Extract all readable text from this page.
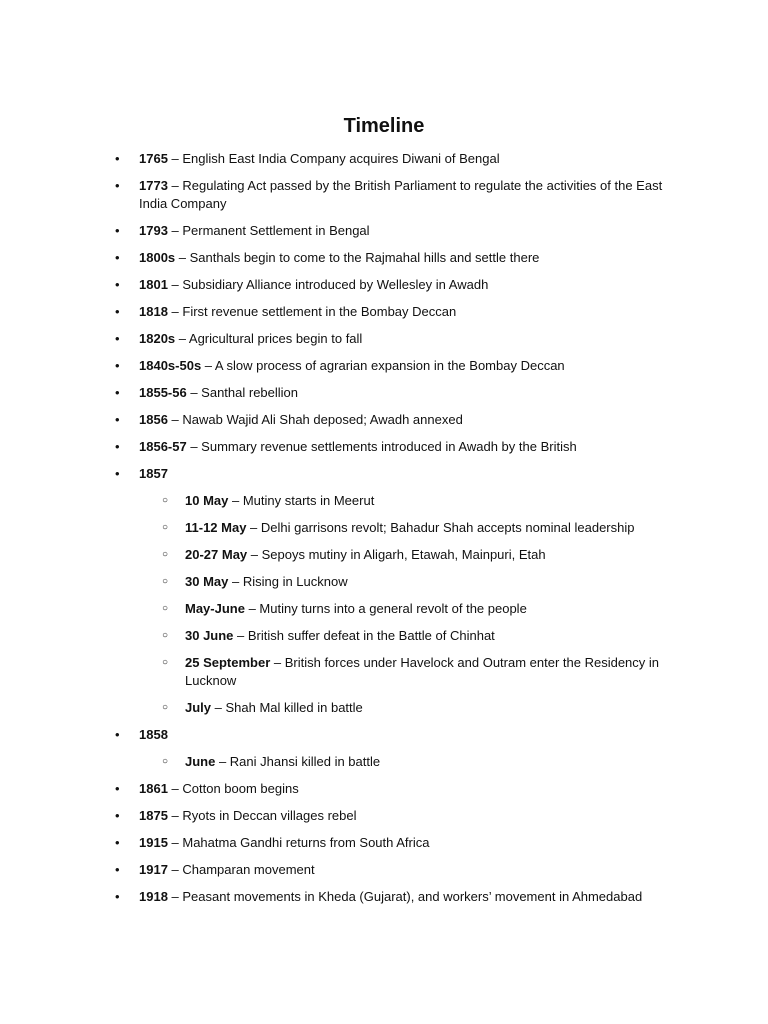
Timeline
• 1765 – English East India Company acquires Diwani of Bengal
• 1773 – Regulating Act passed by the British Parliament to regulate the activities of the East India Company
• 1793 – Permanent Settlement in Bengal
• 1800s – Santhals begin to come to the Rajmahal hills and settle there
• 1801 – Subsidiary Alliance introduced by Wellesley in Awadh
• 1818 – First revenue settlement in the Bombay Deccan
• 1820s – Agricultural prices begin to fall
• 1840s-50s – A slow process of agrarian expansion in the Bombay Deccan
• 1855-56 – Santhal rebellion
• 1856 – Nawab Wajid Ali Shah deposed; Awadh annexed
• 1856-57 – Summary revenue settlements introduced in Awadh by the British
• 1857
○ 10 May – Mutiny starts in Meerut
○ 11-12 May – Delhi garrisons revolt; Bahadur Shah accepts nominal leadership
○ 20-27 May – Sepoys mutiny in Aligarh, Etawah, Mainpuri, Etah
○ 30 May – Rising in Lucknow
○ May-June – Mutiny turns into a general revolt of the people
○ 30 June – British suffer defeat in the Battle of Chinhat
○ 25 September – British forces under Havelock and Outram enter the Residency in Lucknow
○ July – Shah Mal killed in battle
• 1858
○ June – Rani Jhansi killed in battle
• 1861 – Cotton boom begins
• 1875 – Ryots in Deccan villages rebel
• 1915 – Mahatma Gandhi returns from South Africa
• 1917 – Champaran movement
• 1918 – Peasant movements in Kheda (Gujarat), and workers’ movement in Ahmedabad
